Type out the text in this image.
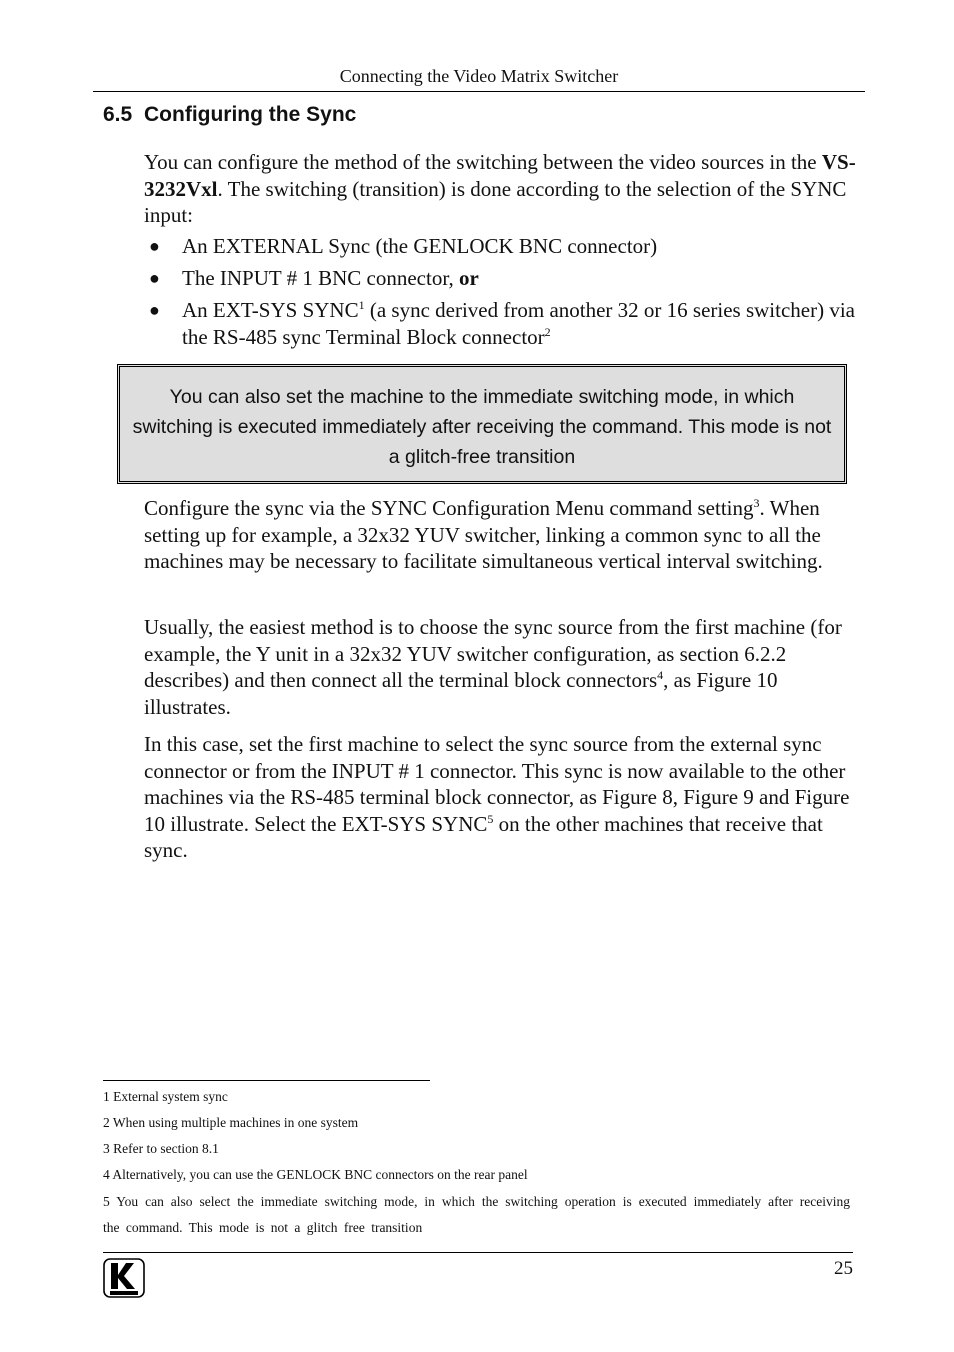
Connecting the Video Matrix Switcher
6.5 Configuring the Sync

You can configure the method of the switching between the video sources in the VS-3232Vxl. The switching (transition) is done according to the selection of the SYNC input:

●	An EXTERNAL Sync (the GENLOCK BNC connector)
●	The INPUT # 1 BNC connector, or
●	An EXT-SYS SYNC$^1$ (a sync derived from another 32 or 16 series switcher) via the RS-485 sync Terminal Block connector$^2$

You can also set the machine to the immediate switching mode, in which switching is executed immediately after receiving the command. This mode is not a glitch-free transition

Configure the sync via the SYNC Configuration Menu command setting$^3$. When setting up for example, a 32x32 YUV switcher, linking a common sync to all the machines may be necessary to facilitate simultaneous vertical interval switching.

Usually, the easiest method is to choose the sync source from the first machine (for example, the Y unit in a 32x32 YUV switcher configuration, as section 6.2.2 describes) and then connect all the terminal block connectors$^4$, as Figure 10 illustrates.

In this case, set the first machine to select the sync source from the external sync connector or from the INPUT # 1 connector. This sync is now available to the other machines via the RS-485 terminal block connector, as Figure 8, Figure 9 and Figure 10 illustrate. Select the EXT-SYS SYNC$^5$ on the other machines that receive that sync.

1 External system sync
2 When using multiple machines in one system
3 Refer to section 8.1
4 Alternatively, you can use the GENLOCK BNC connectors on the rear panel
5 You can also select the immediate switching mode, in which the switching operation is executed immediately after receiving the command. This mode is not a glitch free transition
25
